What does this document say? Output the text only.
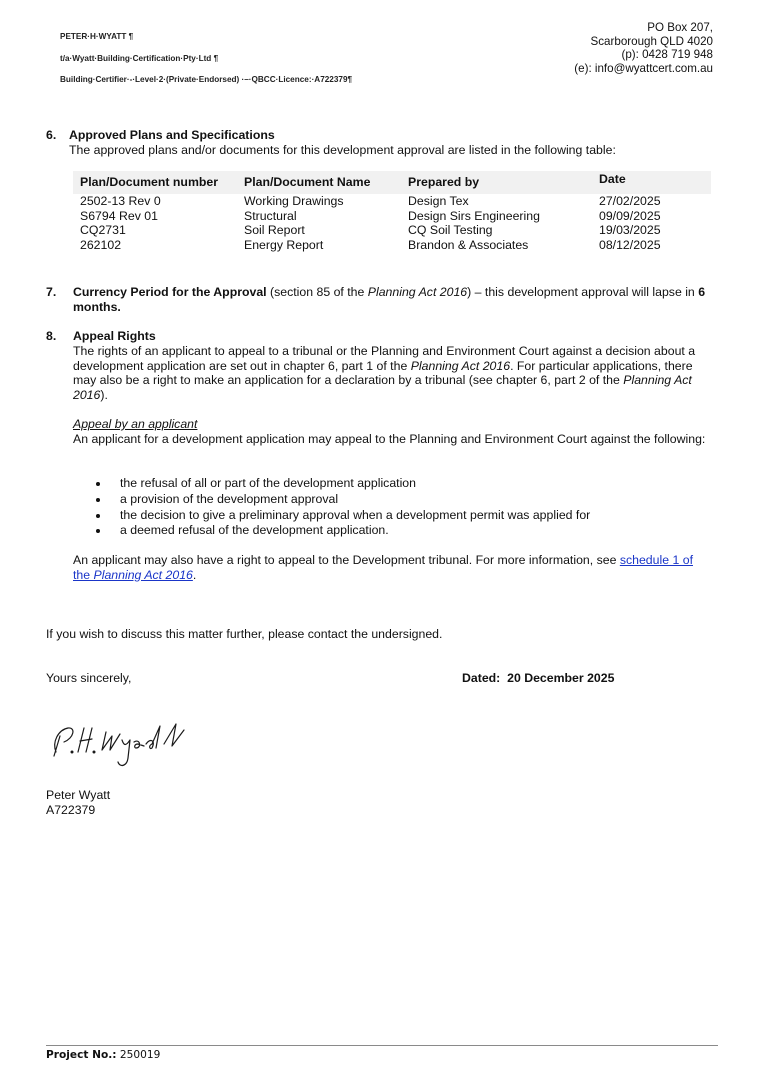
PETER·H·WYATT ¶
t/a·Wyatt·Building·Certification·Pty·Ltd ¶
Building·Certifier·-·Level·2·(Private·Endorsed) ·–·QBCC·Licence:·A722379¶
PO Box 207,
Scarborough QLD 4020
(p): 0428 719 948
(e): info@wyattcert.com.au
6. Approved Plans and Specifications
The approved plans and/or documents for this development approval are listed in the following table:
Plan/Document number	Plan/Document Name	Prepared by	Date
2502-13 Rev 0	Working Drawings	Design Tex	27/02/2025
S6794 Rev 01	Structural	Design Sirs Engineering	09/09/2025
CQ2731	Soil Report	CQ Soil Testing	19/03/2025
262102	Energy Report	Brandon & Associates	08/12/2025
7. Currency Period for the Approval (section 85 of the Planning Act 2016) – this development approval will lapse in 6 months.
8. Appeal Rights
The rights of an applicant to appeal to a tribunal or the Planning and Environment Court against a decision about a development application are set out in chapter 6, part 1 of the Planning Act 2016. For particular applications, there may also be a right to make an application for a declaration by a tribunal (see chapter 6, part 2 of the Planning Act 2016).
Appeal by an applicant
An applicant for a development application may appeal to the Planning and Environment Court against the following:
the refusal of all or part of the development application
a provision of the development approval
the decision to give a preliminary approval when a development permit was applied for
a deemed refusal of the development application.
An applicant may also have a right to appeal to the Development tribunal. For more information, see schedule 1 of the Planning Act 2016.
If you wish to discuss this matter further, please contact the undersigned.
Yours sincerely,	Dated: 20 December 2025
Peter Wyatt
A722379
Project No.: 250019
